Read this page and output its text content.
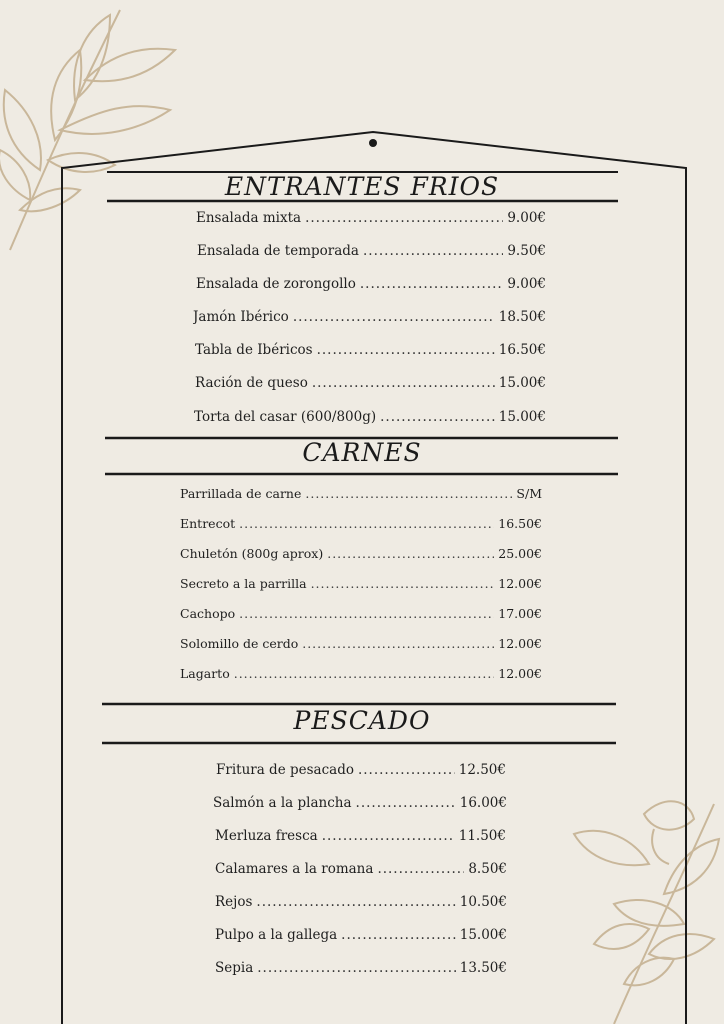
ENTRANTES FRIOS
CARNES
PESCADO
Ensalada mixta .....	9.00€
Ensalada de temporada .....	9.50€
Ensalada de zorongollo .....	9.00€
Jamón Ibérico .....	18.50€
Tabla de Ibéricos .....	16.50€
Ración de queso .....	15.00€
Torta del casar (600/800g) .....	15.00€
Parrillada de carne .....	S/M
Entrecot .....	16.50€
Chuletón (800g aprox) .....	25.00€
Secreto a la parrilla .....	12.00€
Cachopo .....	17.00€
Solomillo de cerdo .....	12.00€
Lagarto .....	12.00€
Fritura de pesacado .....	12.50€
Salmón a la plancha .....	16.00€
Merluza fresca .....	11.50€
Calamares a la romana .....	8.50€
Rejos .....	10.50€
Pulpo a la gallega .....	15.00€
Sepia .....	13.50€
